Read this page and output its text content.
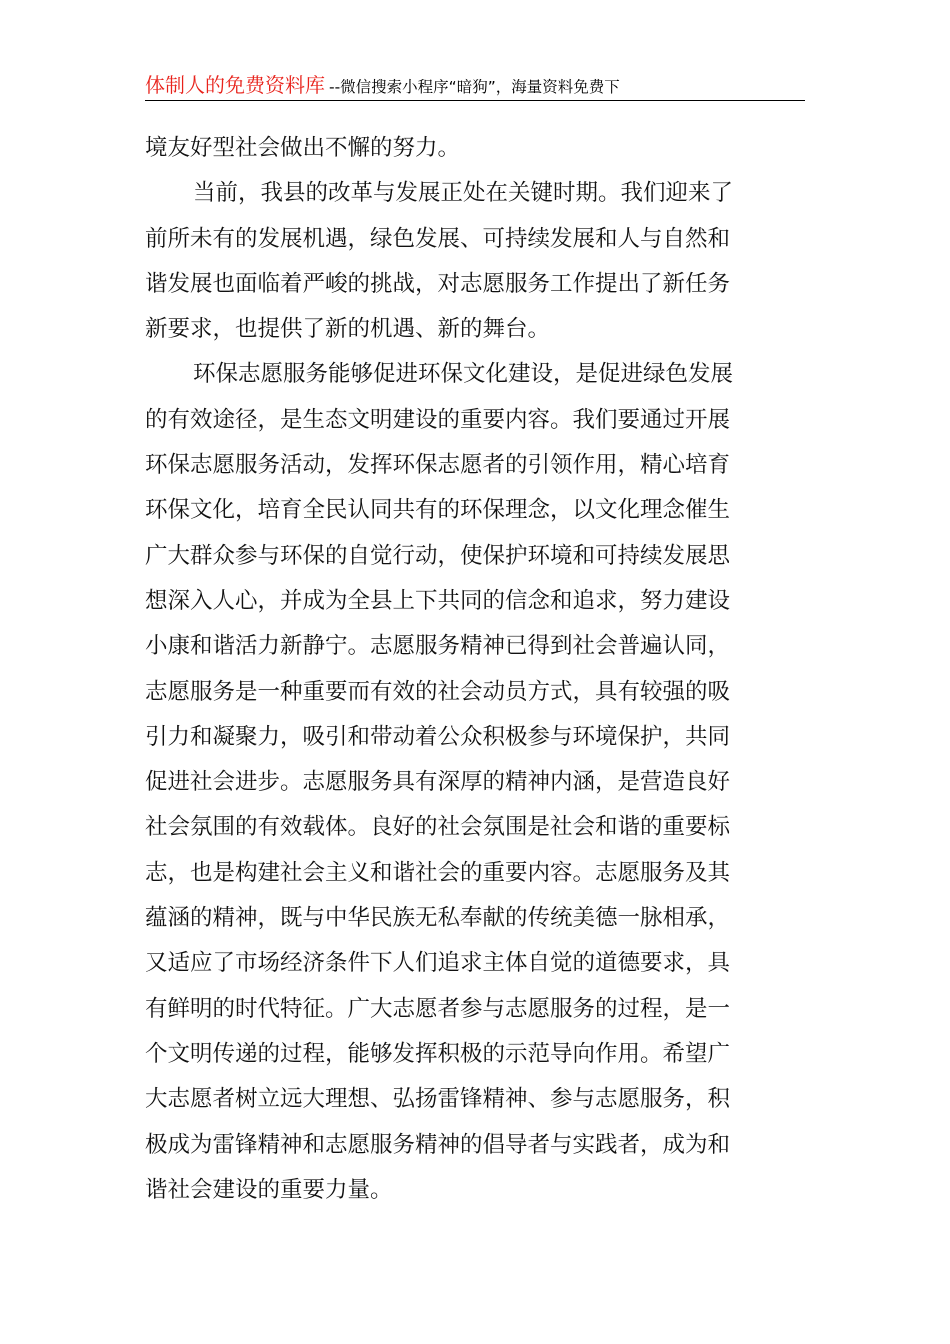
体制人的免费资料库 --微信搜索小程序“暗狗”，海量资料免费下
境友好型社会做出不懈的努力。
当前，我县的改革与发展正处在关键时期。我们迎来了
前所未有的发展机遇，绿色发展、可持续发展和人与自然和
谐发展也面临着严峻的挑战，对志愿服务工作提出了新任务
新要求，也提供了新的机遇、新的舞台。
环保志愿服务能够促进环保文化建设，是促进绿色发展
的有效途径，是生态文明建设的重要内容。我们要通过开展
环保志愿服务活动，发挥环保志愿者的引领作用，精心培育
环保文化，培育全民认同共有的环保理念，以文化理念催生
广大群众参与环保的自觉行动，使保护环境和可持续发展思
想深入人心，并成为全县上下共同的信念和追求，努力建设
小康和谐活力新静宁。志愿服务精神已得到社会普遍认同，
志愿服务是一种重要而有效的社会动员方式，具有较强的吸
引力和凝聚力，吸引和带动着公众积极参与环境保护，共同
促进社会进步。志愿服务具有深厚的精神内涵，是营造良好
社会氛围的有效载体。良好的社会氛围是社会和谐的重要标
志，也是构建社会主义和谐社会的重要内容。志愿服务及其
蕴涵的精神，既与中华民族无私奉献的传统美德一脉相承，
又适应了市场经济条件下人们追求主体自觉的道德要求，具
有鲜明的时代特征。广大志愿者参与志愿服务的过程，是一
个文明传递的过程，能够发挥积极的示范导向作用。希望广
大志愿者树立远大理想、弘扬雷锋精神、参与志愿服务，积
极成为雷锋精神和志愿服务精神的倡导者与实践者，成为和
谐社会建设的重要力量。
